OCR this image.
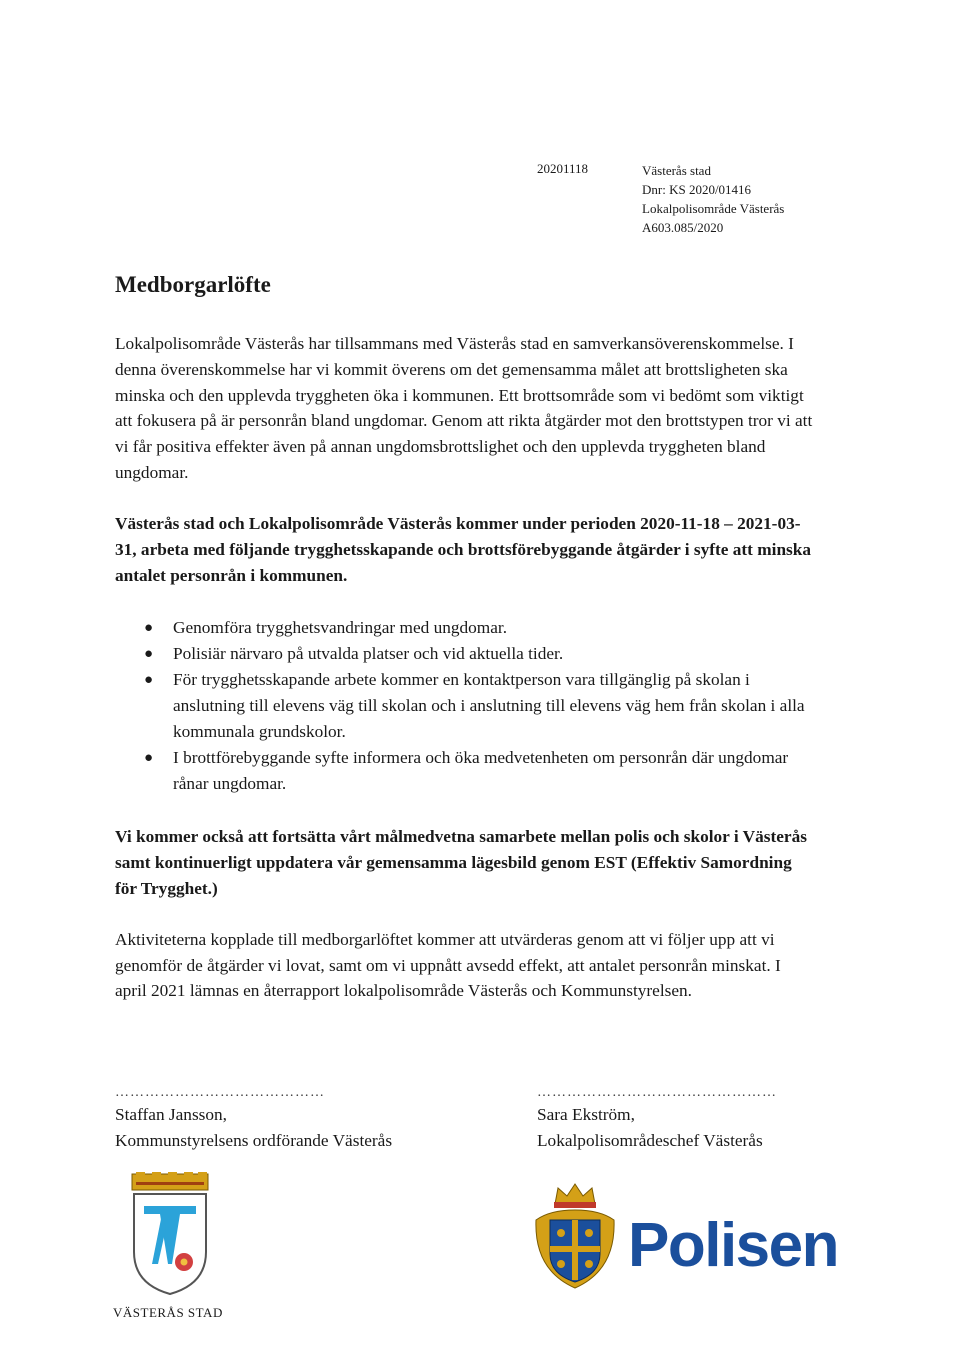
20201118	Västerås stad
Dnr: KS 2020/01416
Lokalpolisområde Västerås
A603.085/2020
Medborgarlöfte

Lokalpolisområde Västerås har tillsammans med Västerås stad en samverkansöverenskommelse. I denna överenskommelse har vi kommit överens om det gemensamma målet att brottsligheten ska minska och den upplevda tryggheten öka i kommunen. Ett brottsområde som vi bedömt som viktigt att fokusera på är personrån bland ungdomar. Genom att rikta åtgärder mot den brottstypen tror vi att vi får positiva effekter även på annan ungdomsbrottslighet och den upplevda tryggheten bland ungdomar.

Västerås stad och Lokalpolisområde Västerås kommer under perioden 2020-11-18 – 2021-03-31, arbeta med följande trygghetsskapande och brottsförebyggande åtgärder i syfte att minska antalet personrån i kommunen.

● Genomföra trygghetsvandringar med ungdomar.
● Polisiär närvaro på utvalda platser och vid aktuella tider.
● För trygghetsskapande arbete kommer en kontaktperson vara tillgänglig på skolan i anslutning till elevens väg till skolan och i anslutning till elevens väg hem från skolan i alla kommunala grundskolor.
● I brottförebyggande syfte informera och öka medvetenheten om personrån där ungdomar rånar ungdomar.

Vi kommer också att fortsätta vårt målmedvetna samarbete mellan polis och skolor i Västerås samt kontinuerligt uppdatera vår gemensamma lägesbild genom EST (Effektiv Samordning för Trygghet.)

Aktiviteterna kopplade till medborgarlöftet kommer att utvärderas genom att vi följer upp att vi genomför de åtgärder vi lovat, samt om vi uppnått avsedd effekt, att antalet personrån minskat. I april 2021 lämnas en återrapport lokalpolisområde Västerås och Kommunstyrelsen.

……………………………………
Staffan Jansson,
Kommunstyrelsens ordförande Västerås
…………………………………………
Sara Ekström,
Lokalpolisområdeschef Västerås
VÄSTERÅS STAD
Polisen
